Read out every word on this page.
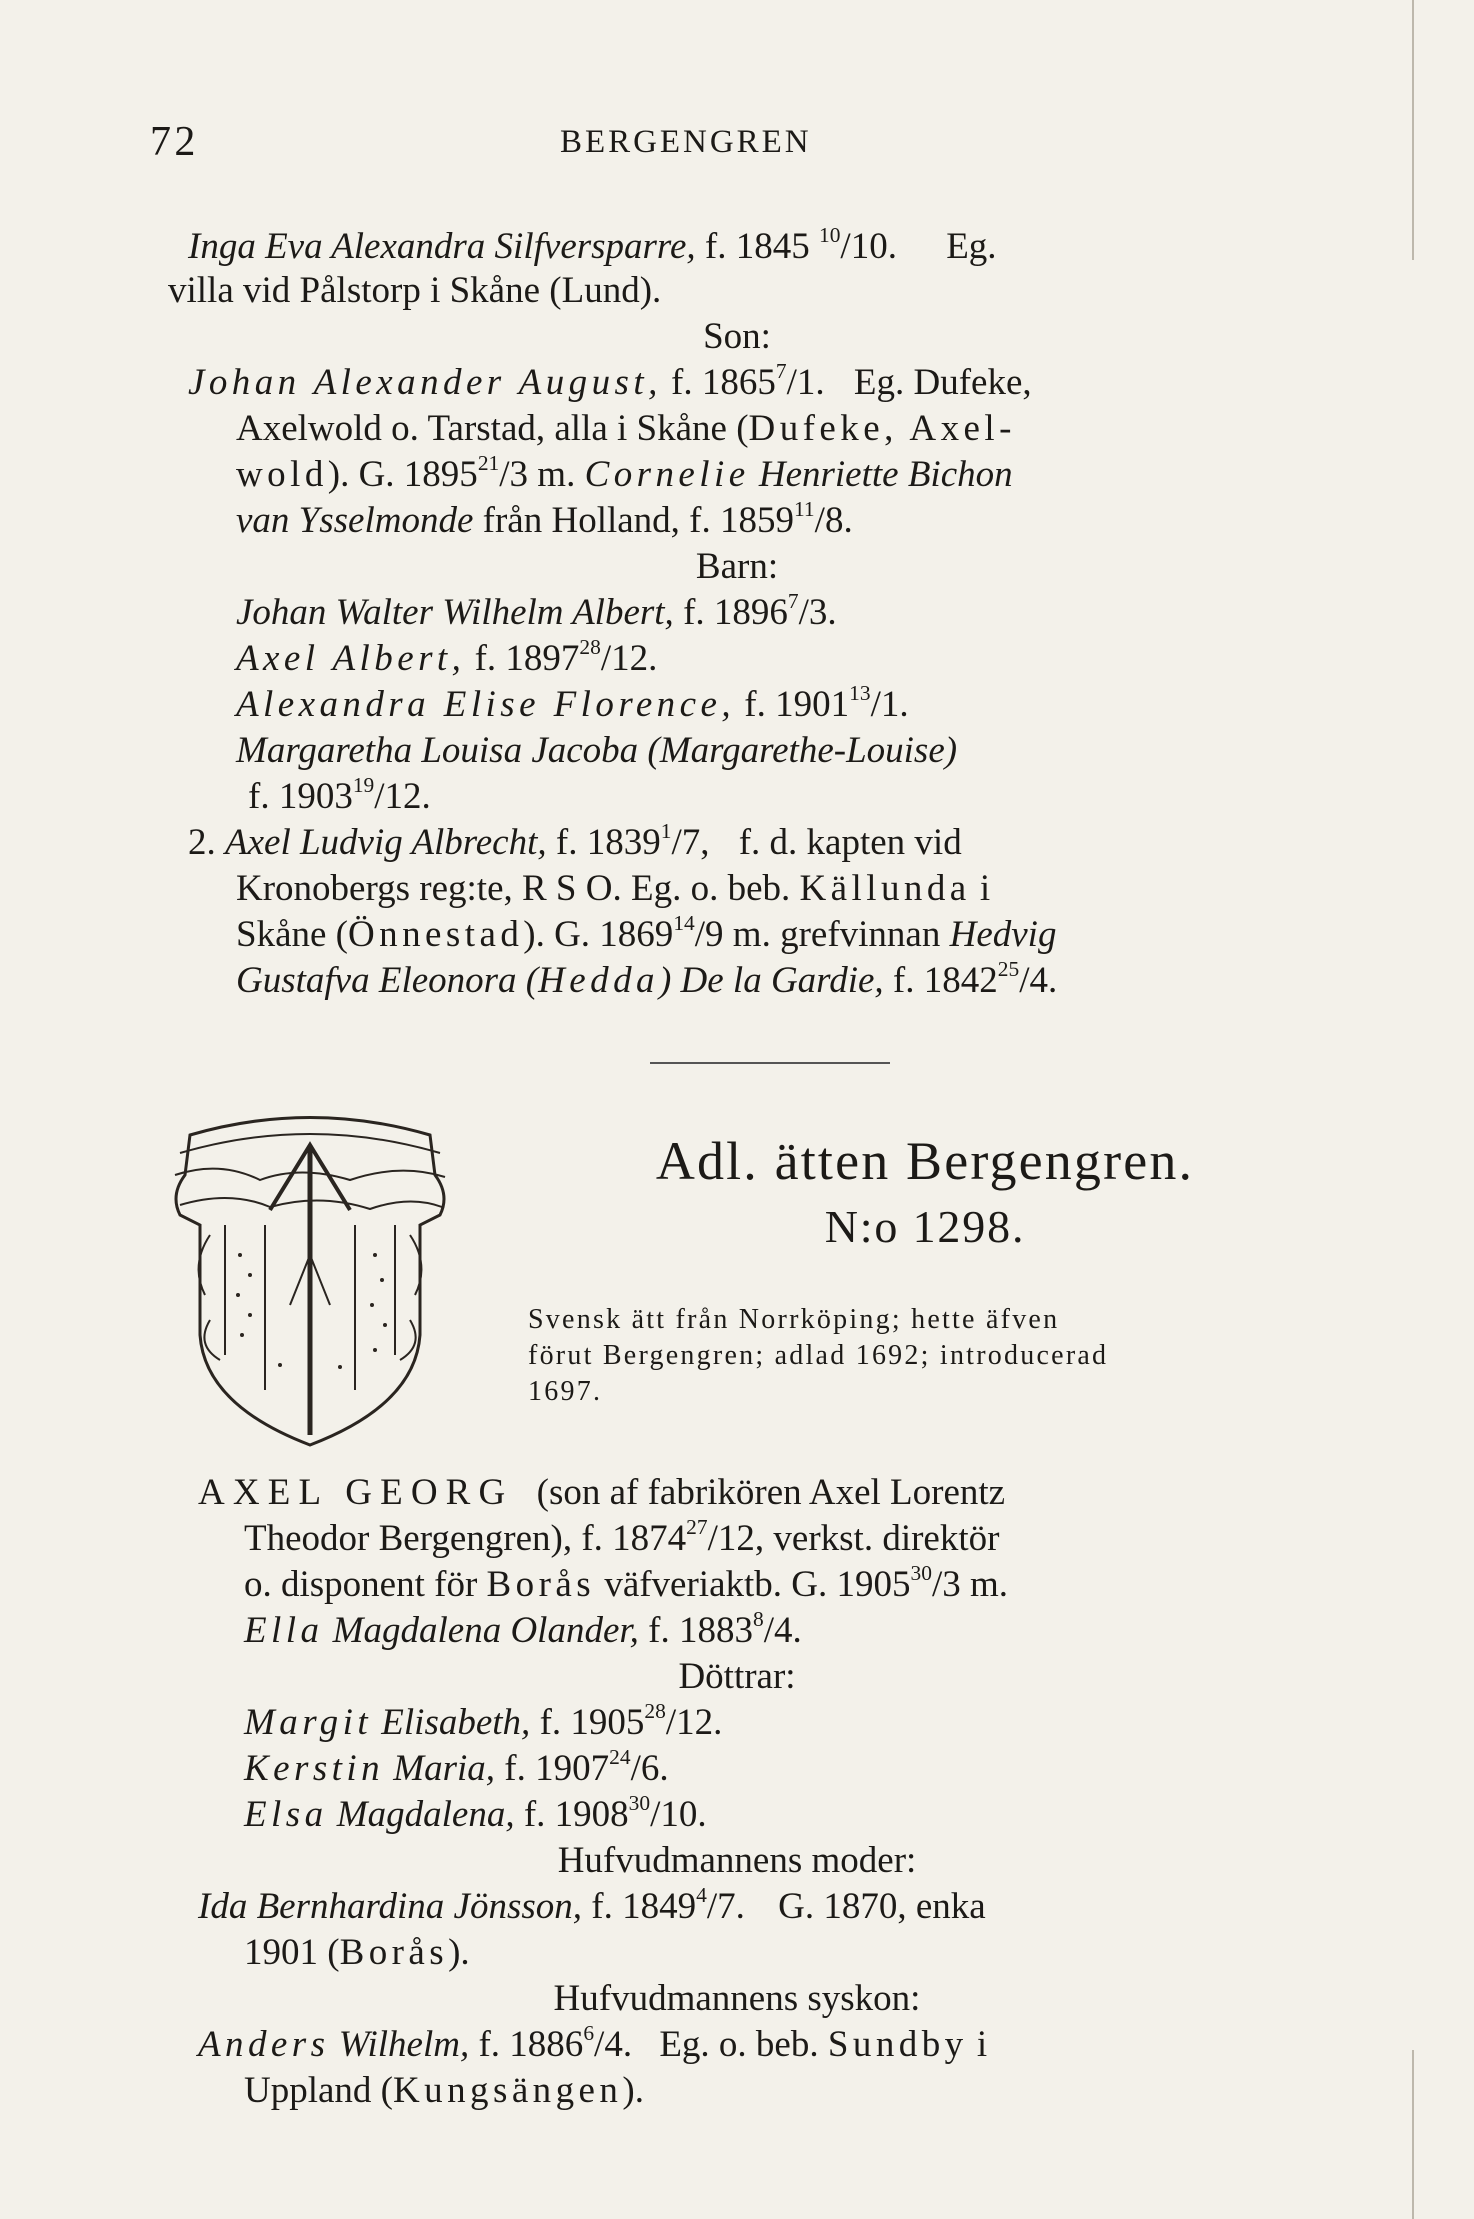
72	BERGENGREN
Inga Eva Alexandra Silfversparre, f. 1845 $^{10}$/10. Eg.
villa vid Pålstorp i Skåne (Lund).
Son:
Johan Alexander August, f. 1865$^7$/1. Eg. Dufeke,
Axelwold o. Tarstad, alla i Skåne (Dufeke, Axel-
wold). G. 1895$^{21}$/3 m. Cornelie Henriette Bichon
van Ysselmonde från Holland, f. 1859$^{11}$/8.
Barn:
Johan Walter Wilhelm Albert, f. 1896$^7$/3.
Axel Albert, f. 1897$^{28}$/12.
Alexandra Elise Florence, f. 1901$^{13}$/1.
Margaretha Louisa Jacoba (Margarethe-Louise)
f. 1903$^{19}$/12.
2. Axel Ludvig Albrecht, f. 1839$^1$/7, f. d. kapten vid
Kronobergs reg:te, R S O. Eg. o. beb. Källunda i
Skåne (Önnestad). G. 1869$^{14}$/9 m. grefvinnan Hedvig
Gustafva Eleonora (Hedda) De la Gardie, f. 1842$^{25}$/4.
Adl. ätten Bergengren.
N:o 1298.
Svensk ätt från Norrköping; hette äfven
förut Bergengren; adlad 1692; introducerad
1697.
AXEL GEORG (son af fabrikören Axel Lorentz
Theodor Bergengren), f. 1874$^{27}$/12, verkst. direktör
o. disponent för Borås väfveriaktb. G. 1905$^{30}$/3 m.
Ella Magdalena Olander, f. 1883$^8$/4.
Döttrar:
Margit Elisabeth, f. 1905$^{28}$/12.
Kerstin Maria, f. 1907$^{24}$/6.
Elsa Magdalena, f. 1908$^{30}$/10.
Hufvudmannens moder:
Ida Bernhardina Jönsson, f. 1849$^4$/7. G. 1870, enka
1901 (Borås).
Hufvudmannens syskon:
Anders Wilhelm, f. 1886$^6$/4. Eg. o. beb. Sundby i
Uppland (Kungsängen).
